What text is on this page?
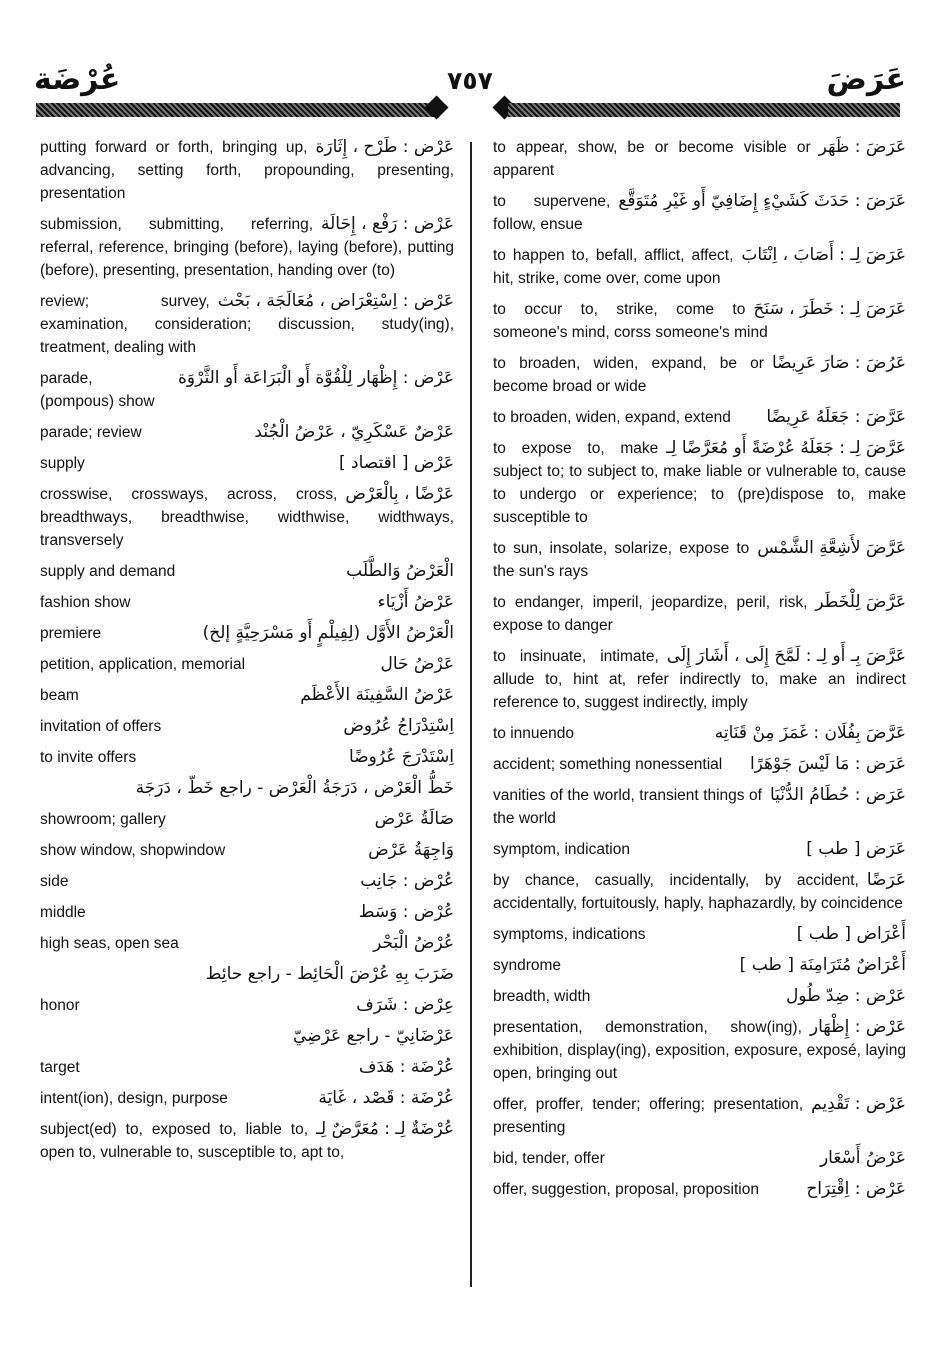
عُرْضَة	٧٥٧	عَرَضَ
عَرْض : طَرْح ، إِثَارَة
putting forward or forth, bringing up, advancing, setting forth, propounding, presenting, presentation
عَرْض : رَفْع ، إِحَالَة
submission, submitting, referring, referral, reference, bringing (before), laying (before), putting (before), presenting, presentation, handing over (to)
عَرْض : اِسْتِعْرَاض ، مُعَالَجَة ، بَحْث
review; survey, examination, consideration; discussion, study(ing), treatment, dealing with
عَرْض : إِظْهَار لِلْقُوَّة أَو الْبَرَاعَة أَو الثَّرْوَة
parade, (pompous) show
عَرْضٌ عَسْكَرِيّ ، عَرْضُ الْجُنْد
parade; review
عَرْض [ اقتصاد ]
supply
عَرْضًا ، بِالْعَرْض
crosswise, crossways, across, cross, breadthways, breadthwise, widthwise, widthways, transversely
الْعَرْضُ وَالطَّلَب
supply and demand
عَرْضُ أَزْيَاء
fashion show
الْعَرْضُ الأَوَّل (لِفِيلْمٍ أَو مَسْرَحِيَّةٍ إلخ)
premiere
عَرْضُ حَال
petition, application, memorial
عَرْضُ السَّفِينَة الأَعْظَم
beam
اِسْتِدْرَاجُ عُرُوض
invitation of offers
اِسْتَدْرَجَ عُرُوضًا
to invite offers
خَطُّ الْعَرْض ، دَرَجَةُ الْعَرْض - راجع خَطّ ، دَرَجَة
صَالَةُ عَرْض
showroom; gallery
وَاجِهَةُ عَرْض
show window, shopwindow
عُرْض : جَانِب
side
عُرْض : وَسَط
middle
عُرْضُ الْبَحْر
high seas, open sea
ضَرَبَ بِهِ عُرْضَ الْحَائِط - راجع حائِط
عِرْض : شَرَف
honor
عَرْضَانِيّ - راجع عَرْضِيّ
عُرْضَة : هَدَف
target
عُرْضَة : قَصْد ، غَايَة
intent(ion), design, purpose
عُرْضَةٌ لِـ : مُعَرَّضٌ لِـ
subject(ed) to, exposed to, liable to, open to, vulnerable to, susceptible to, apt to,
عَرَضَ : ظَهَر
to appear, show, be or become visible or apparent
عَرَضَ : حَدَثَ كَشَيْءٍ إِضَافِيّ أَو غَيْرِ مُتَوَقَّع
to supervene, follow, ensue
عَرَضَ لِـ : أَصَابَ ، اِنْتَابَ
to happen to, befall, afflict, affect, hit, strike, come over, come upon
عَرَضَ لِـ : خَطَرَ ، سَنَحَ
to occur to, strike, come to someone's mind, corss someone's mind
عَرُضَ : صَارَ عَرِيضًا
to broaden, widen, expand, be or become broad or wide
عَرَّضَ : جَعَلَهُ عَرِيضًا
to broaden, widen, expand, extend
عَرَّضَ لِـ : جَعَلَهُ عُرْضَةً أَو مُعَرَّضًا لِـ
to expose to, make subject to; to subject to, make liable or vulnerable to, cause to undergo or experience; to (pre)dispose to, make susceptible to
عَرَّضَ لأَشِعَّةِ الشَّمْس
to sun, insolate, solarize, expose to the sun's rays
عَرَّضَ لِلْخَطَر
to endanger, imperil, jeopardize, peril, risk, expose to danger
عَرَّضَ بِـ أَو لِـ : لَمَّحَ إِلَى ، أَشَارَ إِلَى
to insinuate, intimate, allude to, hint at, refer indirectly to, make an indirect reference to, suggest indirectly, imply
عَرَّضَ بِفُلَان : غَمَزَ مِنْ قَنَاتِه
to innuendo
عَرَض : مَا لَيْسَ جَوْهَرًا
accident; something nonessential
عَرَض : حُطَامُ الدُّنْيَا
vanities of the world, transient things of the world
عَرَض [ طب ]
symptom, indication
عَرَضًا
by chance, casually, incidentally, by accident, accidentally, fortuitously, haply, haphazardly, by coincidence
أَعْرَاض [ طب ]
symptoms, indications
أَعْرَاضٌ مُتَرَامِنَة [ طب ]
syndrome
عَرْض : ضِدّ طُول
breadth, width
عَرْض : إِظْهَار
presentation, demonstration, show(ing), exhibition, display(ing), exposition, exposure, exposé, laying open, bringing out
عَرْض : تَقْدِيم
offer, proffer, tender; offering; presentation, presenting
عَرْضُ أَسْعَار
bid, tender, offer
عَرْض : اِقْتِرَاح
offer, suggestion, proposal, proposition
